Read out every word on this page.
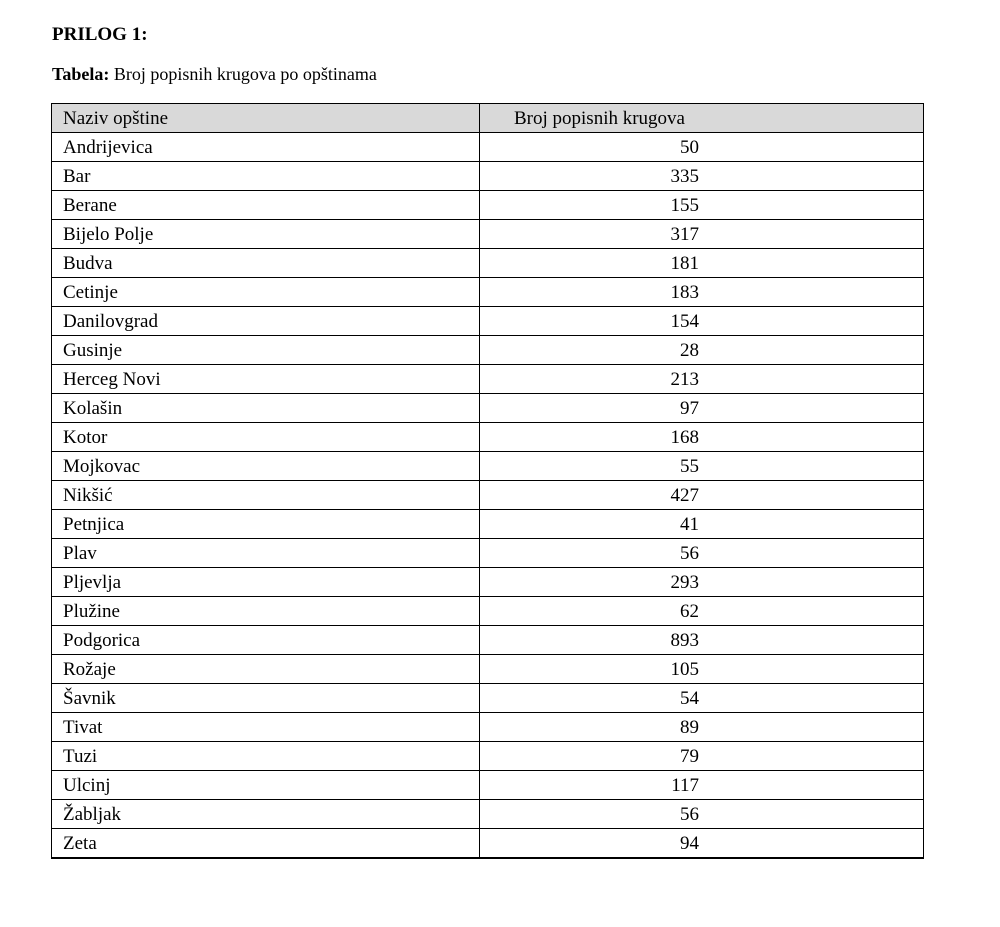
PRILOG 1:
Tabela: Broj popisnih krugova po opštinama
Naziv opštine	Broj popisnih krugova
Andrijevica	50
Bar	335
Berane	155
Bijelo Polje	317
Budva	181
Cetinje	183
Danilovgrad	154
Gusinje	28
Herceg Novi	213
Kolašin	97
Kotor	168
Mojkovac	55
Nikšić	427
Petnjica	41
Plav	56
Pljevlja	293
Plužine	62
Podgorica	893
Rožaje	105
Šavnik	54
Tivat	89
Tuzi	79
Ulcinj	117
Žabljak	56
Zeta	94
